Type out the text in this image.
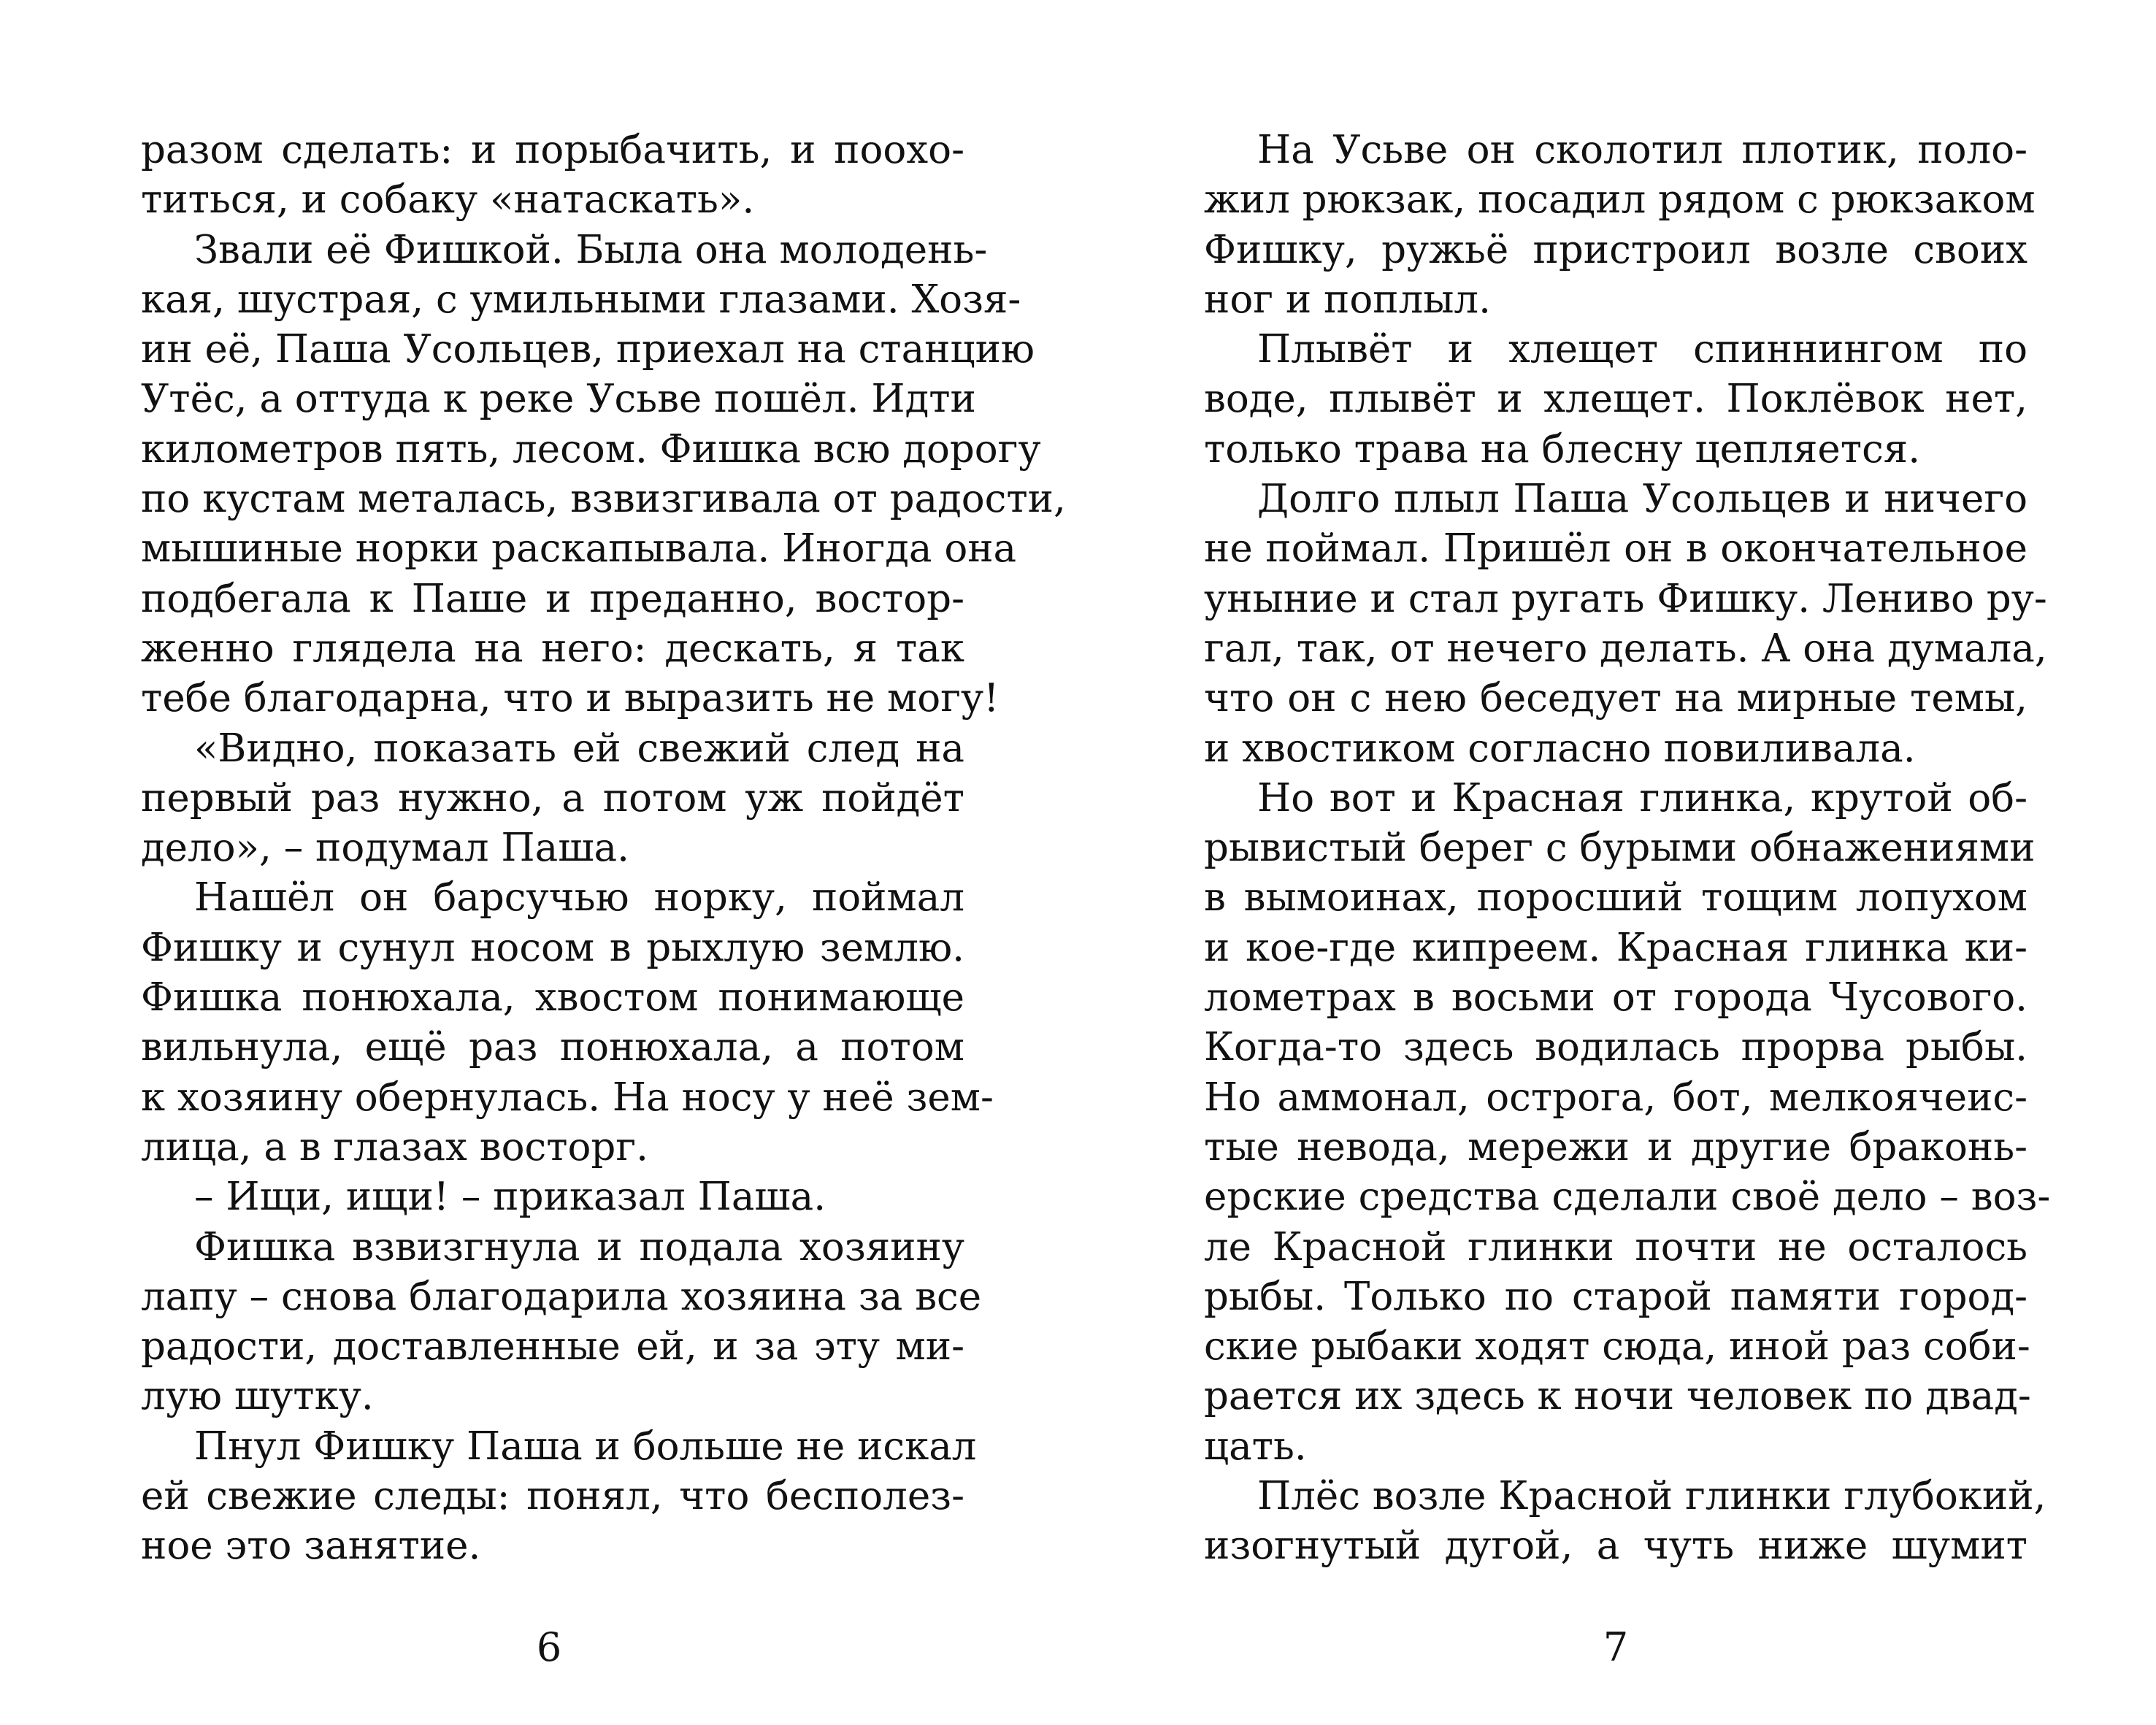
разом сделать: и порыбачить, и поохо-
титься, и собаку «натаскать».
Звали её Фишкой. Была она молодень-
кая, шустрая, с умильными глазами. Хозя-
ин её, Паша Усольцев, приехал на станцию
Утёс, а оттуда к реке Усьве пошёл. Идти
километров пять, лесом. Фишка всю дорогу
по кустам металась, взвизгивала от радости,
мышиные норки раскапывала. Иногда она
подбегала к Паше и преданно, востор-
женно глядела на него: дескать, я так
тебе благодарна, что и выразить не могу!
«Видно, показать ей свежий след на
первый раз нужно, а потом уж пойдёт
дело», – подумал Паша.
Нашёл он барсучью норку, поймал
Фишку и сунул носом в рыхлую землю.
Фишка понюхала, хвостом понимающе
вильнула, ещё раз понюхала, а потом
к хозяину обернулась. На носу у неё зем-
лица, а в глазах восторг.
– Ищи, ищи! – приказал Паша.
Фишка взвизгнула и подала хозяину
лапу – снова благодарила хозяина за все
радости, доставленные ей, и за эту ми-
лую шутку.
Пнул Фишку Паша и больше не искал
ей свежие следы: понял, что бесполез-
ное это занятие.
6
На Усьве он сколотил плотик, поло-
жил рюкзак, посадил рядом с рюкзаком
Фишку, ружьё пристроил возле своих
ног и поплыл.
Плывёт и хлещет спиннингом по
воде, плывёт и хлещет. Поклёвок нет,
только трава на блесну цепляется.
Долго плыл Паша Усольцев и ничего
не поймал. Пришёл он в окончательное
уныние и стал ругать Фишку. Лениво ру-
гал, так, от нечего делать. А она думала,
что он с нею беседует на мирные темы,
и хвостиком согласно повиливала.
Но вот и Красная глинка, крутой об-
рывистый берег с бурыми обнажениями
в вымоинах, поросший тощим лопухом
и кое-где кипреем. Красная глинка ки-
лометрах в восьми от города Чусового.
Когда-то здесь водилась прорва рыбы.
Но аммонал, острога, бот, мелкоячеис-
тые невода, мережи и другие браконь-
ерские средства сделали своё дело – воз-
ле Красной глинки почти не осталось
рыбы. Только по старой памяти город-
ские рыбаки ходят сюда, иной раз соби-
рается их здесь к ночи человек по двад-
цать.
Плёс возле Красной глинки глубокий,
изогнутый дугой, а чуть ниже шумит
7
